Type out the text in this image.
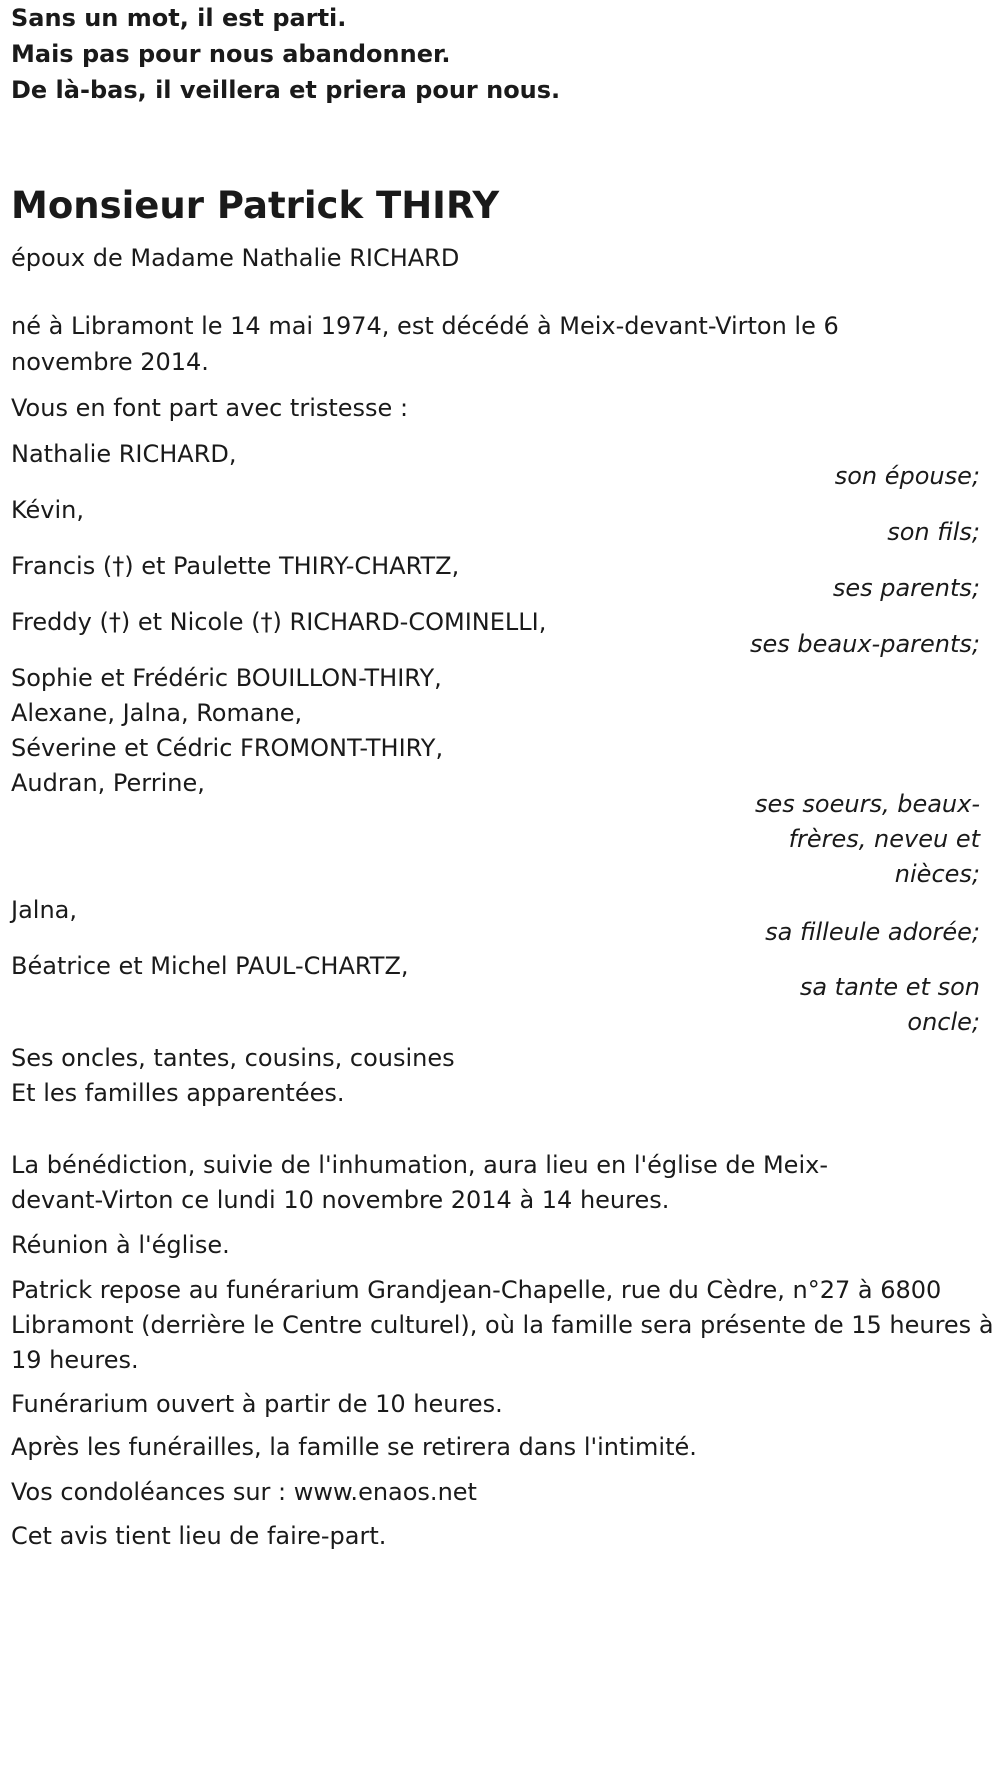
Sans un mot, il est parti.
Mais pas pour nous abandonner.
De là-bas, il veillera et priera pour nous.
Monsieur Patrick THIRY

époux de Madame Nathalie RICHARD

né à Libramont le 14 mai 1974, est décédé à Meix-devant-Virton le 6 novembre 2014.

Vous en font part avec tristesse :

Nathalie RICHARD,

son épouse;

Kévin,

son fils;

Francis (†) et Paulette THIRY-CHARTZ,

ses parents;

Freddy (†) et Nicole (†) RICHARD-COMINELLI,

ses beaux-parents;

Sophie et Frédéric BOUILLON-THIRY,

Alexane, Jalna, Romane,

Séverine et Cédric FROMONT-THIRY,

Audran, Perrine,

ses soeurs, beaux-frères, neveu et nièces;

Jalna,

sa filleule adorée;

Béatrice et Michel PAUL-CHARTZ,

sa tante et son oncle;

Ses oncles, tantes, cousins, cousines

Et les familles apparentées.

La bénédiction, suivie de l'inhumation, aura lieu en l'église de Meix-devant-Virton ce lundi 10 novembre 2014 à 14 heures.

Réunion à l'église.

Patrick repose au funérarium Grandjean-Chapelle, rue du Cèdre, n°27 à 6800 Libramont (derrière le Centre culturel), où la famille sera présente de 15 heures à 19 heures.

Funérarium ouvert à partir de 10 heures.

Après les funérailles, la famille se retirera dans l'intimité.

Vos condoléances sur : www.enaos.net

Cet avis tient lieu de faire-part.
